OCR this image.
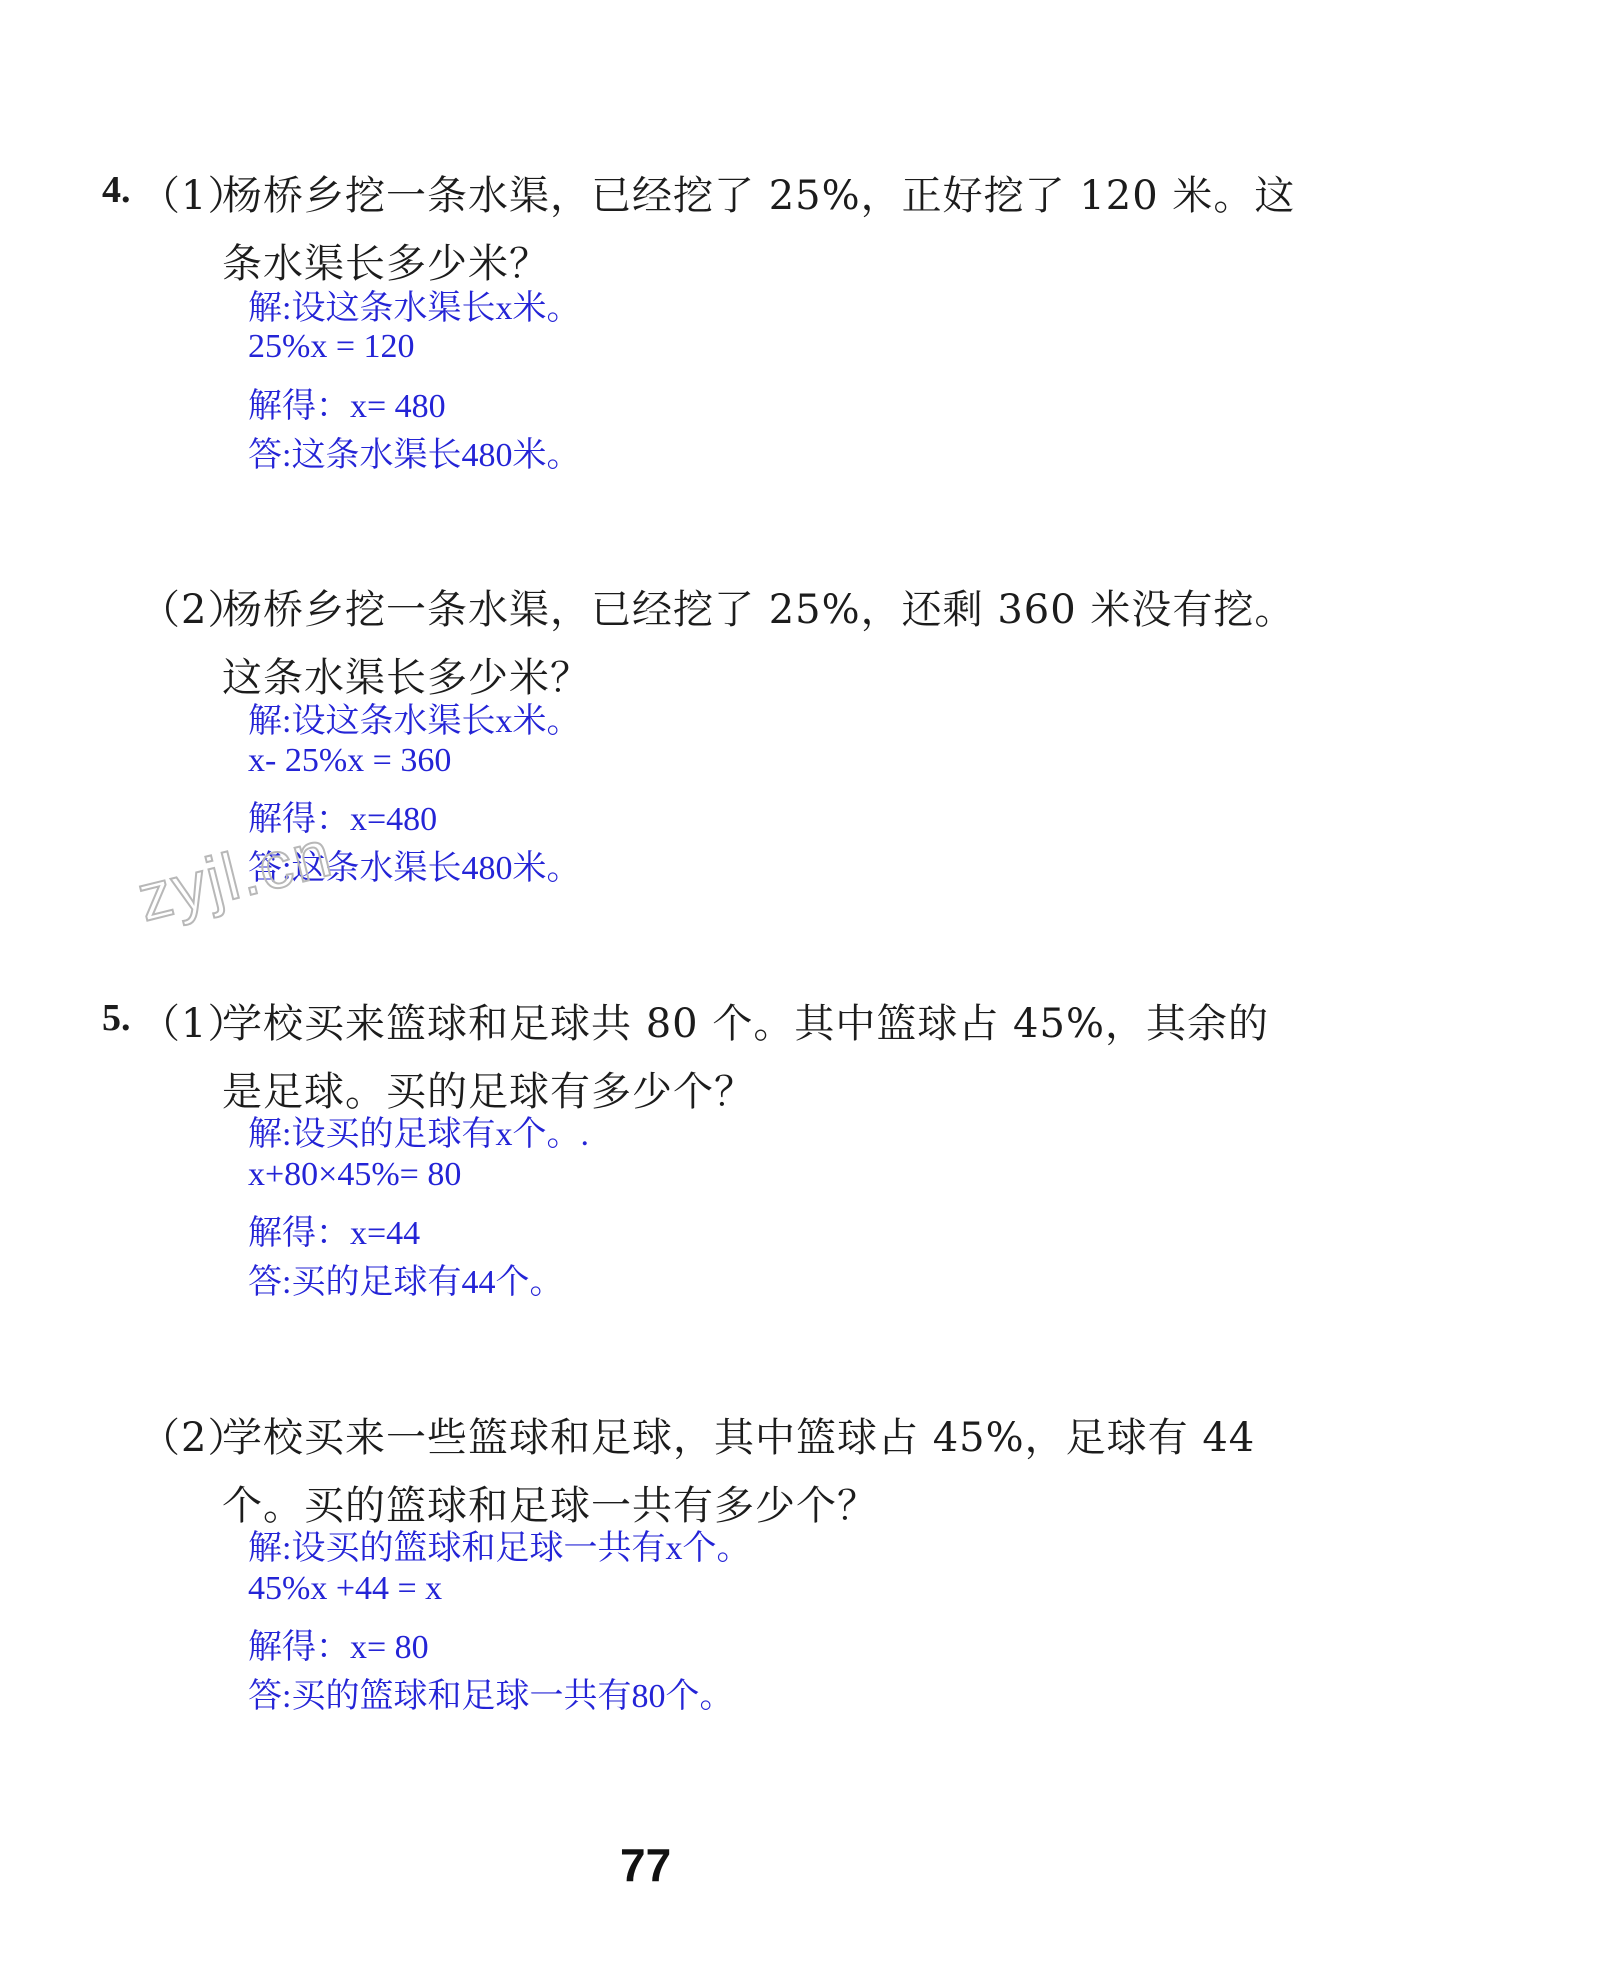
4. （1）
杨桥乡挖一条水渠，已经挖了 25%，正好挖了 120 米。这
条水渠长多少米？
解:设这条水渠长x米。
25%x = 120
解得：x= 480
答:这条水渠长480米。
（2）
杨桥乡挖一条水渠，已经挖了 25%，还剩 360 米没有挖。
这条水渠长多少米？
解:设这条水渠长x米。
x- 25%x = 360
解得：x=480
答:这条水渠长480米。
zyjl.cn
5. （1）
学校买来篮球和足球共 80 个。其中篮球占 45%，其余的
是足球。买的足球有多少个？
解:设买的足球有x个。.
x+80×45%= 80
解得：x=44
答:买的足球有44个。
（2）
学校买来一些篮球和足球，其中篮球占 45%，足球有 44
个。买的篮球和足球一共有多少个？
解:设买的篮球和足球一共有x个。
45%x +44 = x
解得：x= 80
答:买的篮球和足球一共有80个。
77
